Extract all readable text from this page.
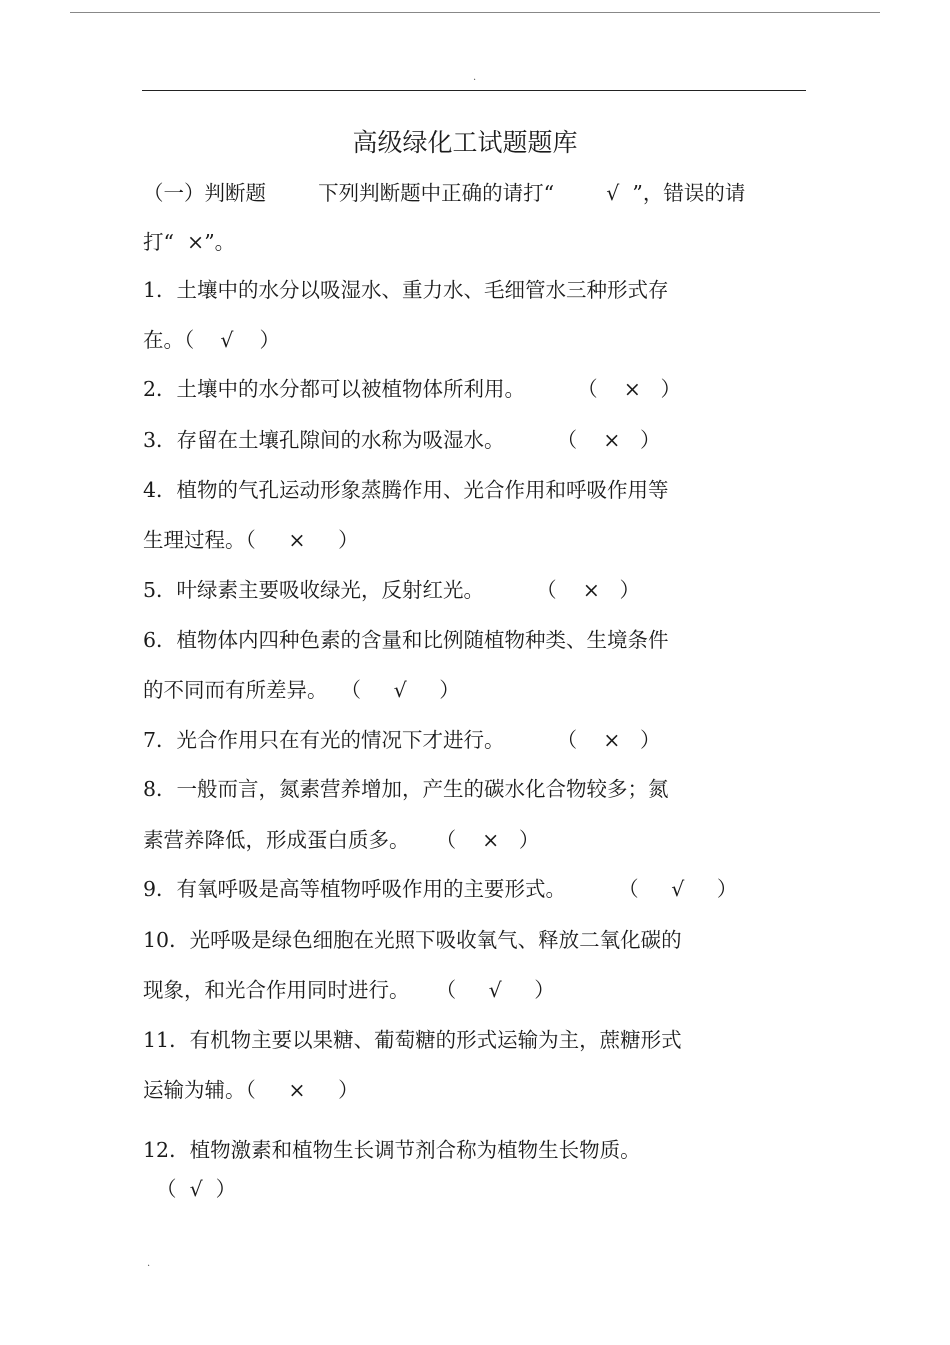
.
高级绿化工试题题库
（一）判断题        下列判断题中正确的请打“        √  ”，错误的请
打“  ×”。
1．土壤中的水分以吸湿水、重力水、毛细管水三种形式存
在。（    √    ）
2．土壤中的水分都可以被植物体所利用。        （    ×   ）
3．存留在土壤孔隙间的水称为吸湿水。        （    ×   ）
4．植物的气孔运动形象蒸腾作用、光合作用和呼吸作用等
生理过程。（     ×     ）
5．叶绿素主要吸收绿光，反射红光。        （    ×   ）
6．植物体内四种色素的含量和比例随植物种类、生境条件
的不同而有所差异。  （     √     ）
7．光合作用只在有光的情况下才进行。        （    ×   ）
8．一般而言，氮素营养增加，产生的碳水化合物较多；氮
素营养降低，形成蛋白质多。    （    ×   ）
9．有氧呼吸是高等植物呼吸作用的主要形式。        （     √     ）
10．光呼吸是绿色细胞在光照下吸收氧气、释放二氧化碳的
现象，和光合作用同时进行。    （     √     ）
11．有机物主要以果糖、葡萄糖的形式运输为主，蔗糖形式
运输为辅。（     ×     ）
12．植物激素和植物生长调节剂合称为植物生长物质。
（  √  ）
.
